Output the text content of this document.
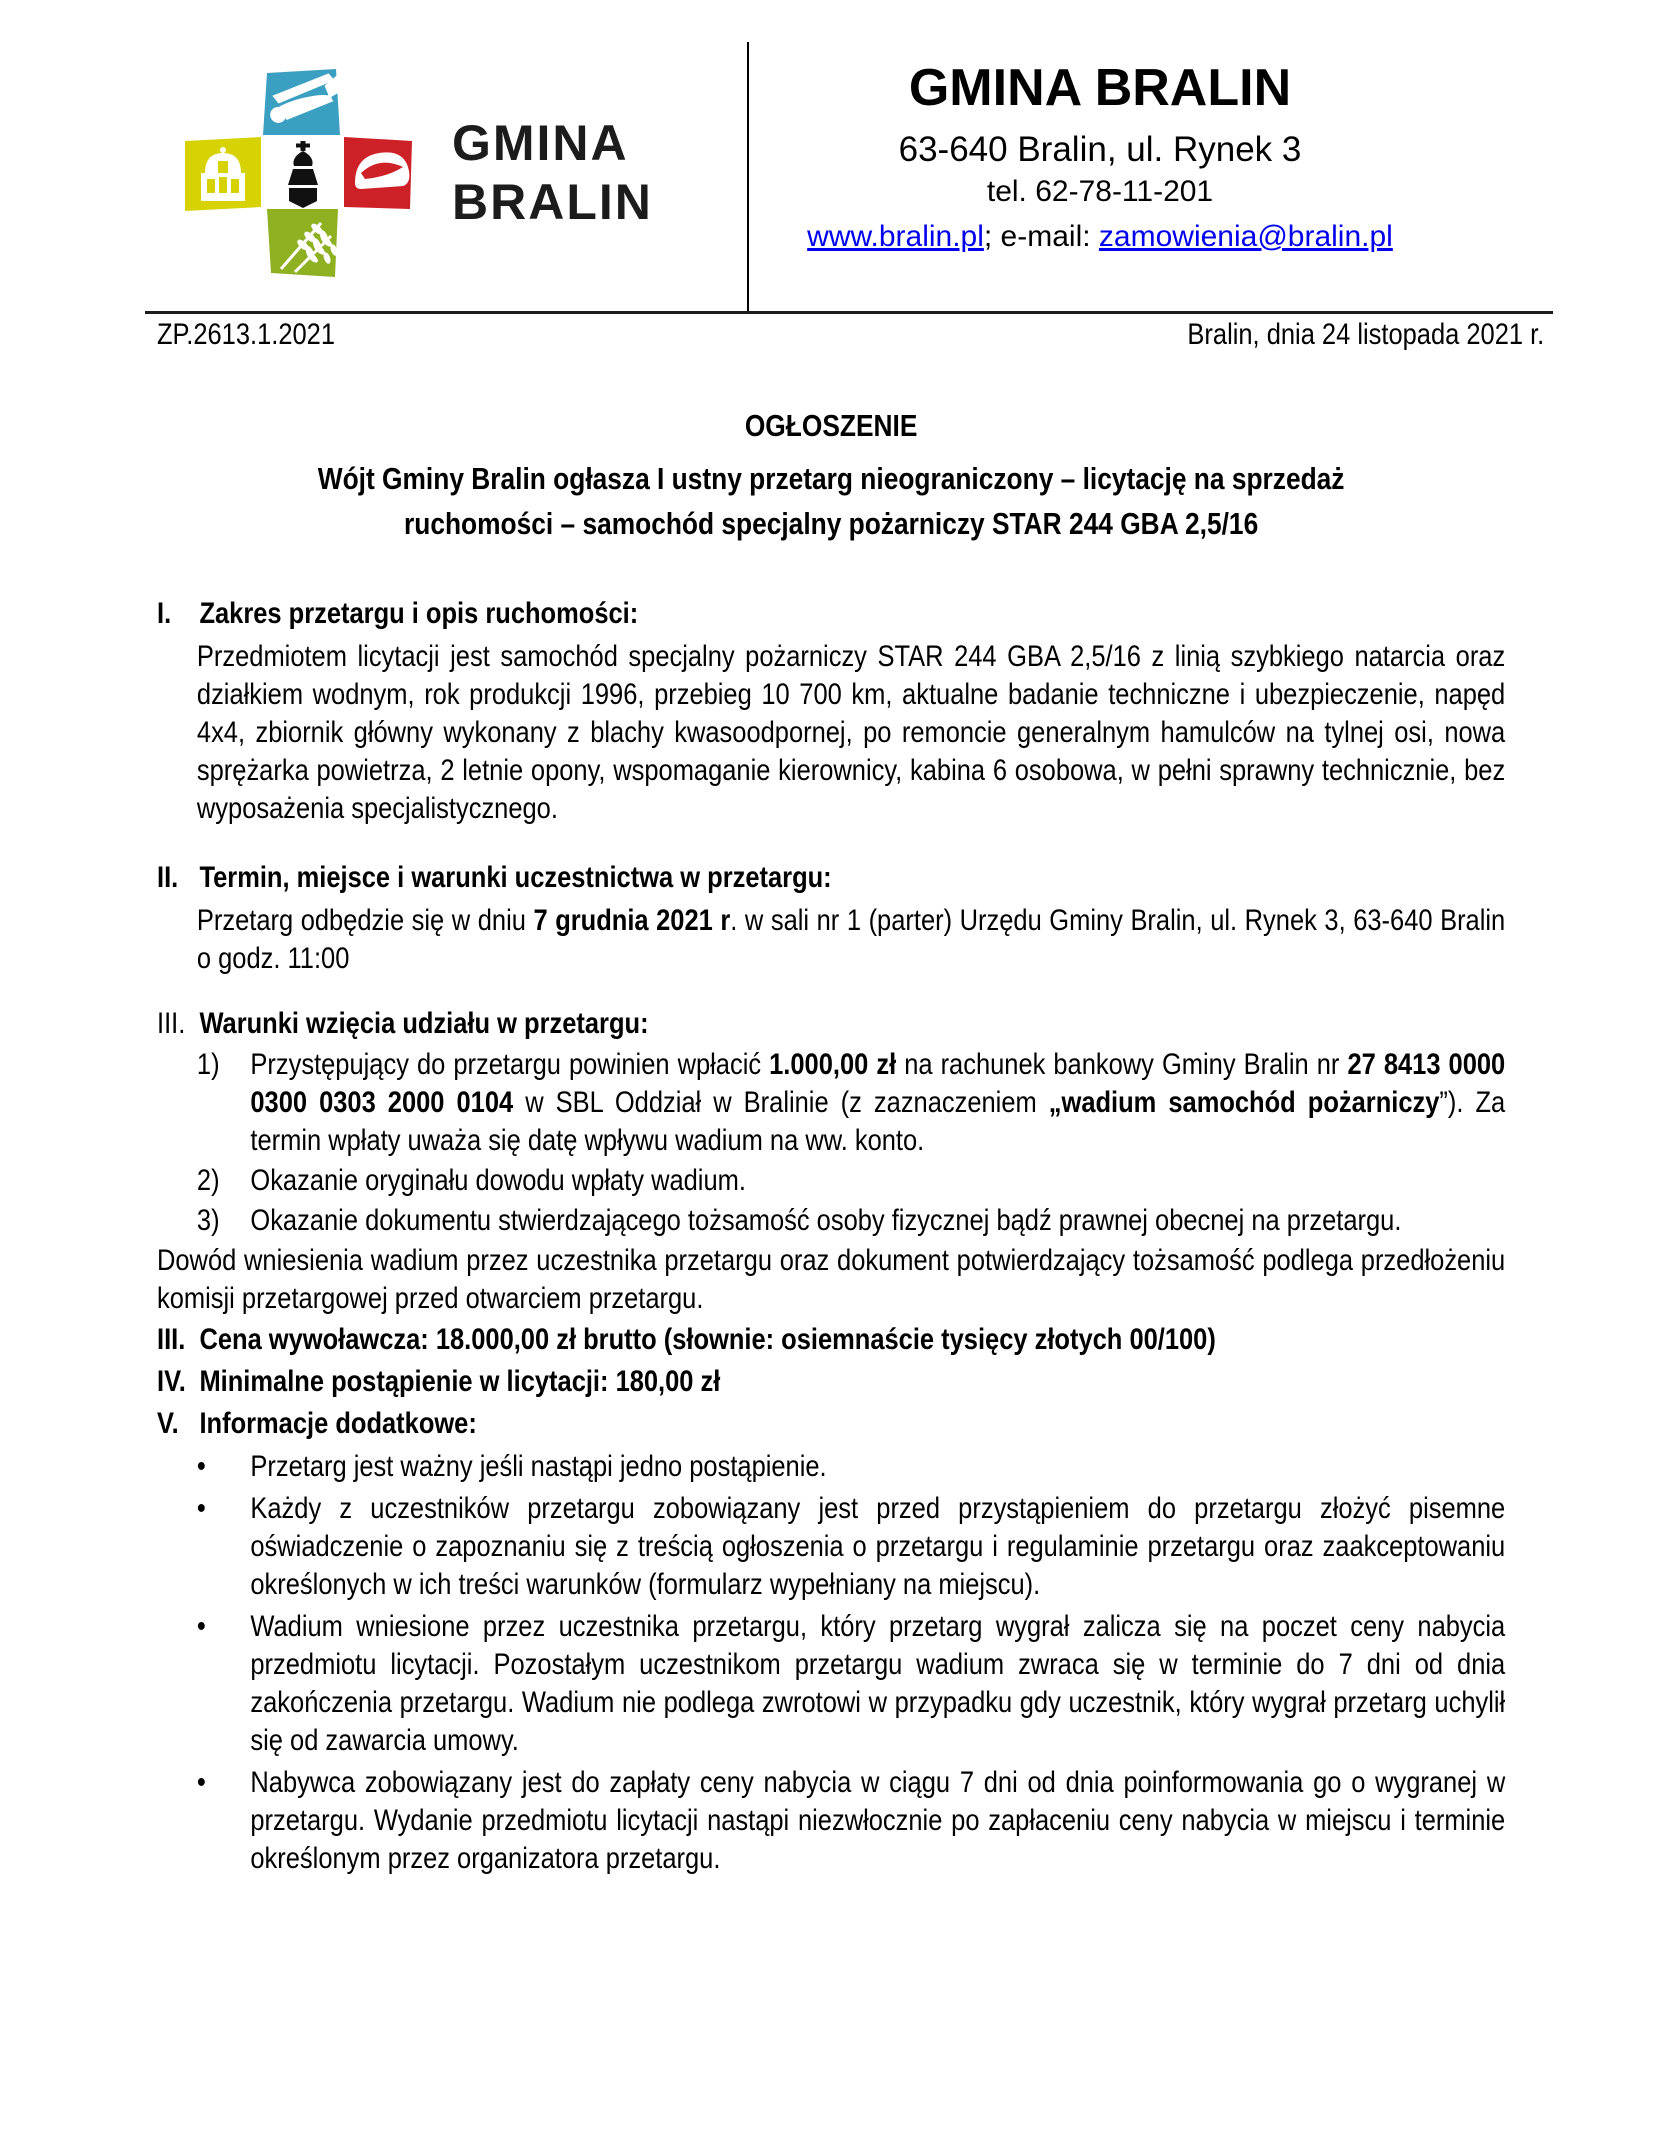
GMINA
BRALIN
GMINA BRALIN
63-640 Bralin, ul. Rynek 3
tel. 62-78-11-201
www.bralin.pl; e-mail: zamowienia@bralin.pl
ZP.2613.1.2021	Bralin, dnia 24 listopada 2021 r.
OGŁOSZENIE
Wójt Gminy Bralin ogłasza I ustny przetarg nieograniczony – licytację na sprzedaż
ruchomości – samochód specjalny pożarniczy STAR 244 GBA 2,5/16
I. Zakres przetargu i opis ruchomości:

Przedmiotem licytacji jest samochód specjalny pożarniczy STAR 244 GBA 2,5/16 z linią szybkiego natarcia oraz działkiem wodnym, rok produkcji 1996, przebieg 10 700 km, aktualne badanie techniczne i ubezpieczenie, napęd 4x4, zbiornik główny wykonany z blachy kwasoodpornej, po remoncie generalnym hamulców na tylnej osi, nowa sprężarka powietrza, 2 letnie opony, wspomaganie kierownicy, kabina 6 osobowa, w pełni sprawny technicznie, bez wyposażenia specjalistycznego.

II. Termin, miejsce i warunki uczestnictwa w przetargu:

Przetarg odbędzie się w dniu 7 grudnia 2021 r. w sali nr 1 (parter) Urzędu Gminy Bralin, ul. Rynek 3, 63-640 Bralin o godz. 11:00

III. Warunki wzięcia udziału w przetargu:
1)	Przystępujący do przetargu powinien wpłacić 1.000,00 zł na rachunek bankowy Gminy Bralin nr 27 8413 0000 0300 0303 2000 0104 w SBL Oddział w Bralinie (z zaznaczeniem „wadium samochód pożarniczy”). Za termin wpłaty uważa się datę wpływu wadium na ww. konto.
2)	Okazanie oryginału dowodu wpłaty wadium.
3)	Okazanie dokumentu stwierdzającego tożsamość osoby fizycznej bądź prawnej obecnej na przetargu.

Dowód wniesienia wadium przez uczestnika przetargu oraz dokument potwierdzający tożsamość podlega przedłożeniu komisji przetargowej przed otwarciem przetargu.

III. Cena wywoławcza: 18.000,00 zł brutto (słownie: osiemnaście tysięcy złotych 00/100)
IV. Minimalne postąpienie w licytacji: 180,00 zł
V. Informacje dodatkowe:
•	Przetarg jest ważny jeśli nastąpi jedno postąpienie.
•	Każdy z uczestników przetargu zobowiązany jest przed przystąpieniem do przetargu złożyć pisemne oświadczenie o zapoznaniu się z treścią ogłoszenia o przetargu i regulaminie przetargu oraz zaakceptowaniu określonych w ich treści warunków (formularz wypełniany na miejscu).
•	Wadium wniesione przez uczestnika przetargu, który przetarg wygrał zalicza się na poczet ceny nabycia przedmiotu licytacji. Pozostałym uczestnikom przetargu wadium zwraca się w terminie do 7 dni od dnia zakończenia przetargu. Wadium nie podlega zwrotowi w przypadku gdy uczestnik, który wygrał przetarg uchylił się od zawarcia umowy.
•	Nabywca zobowiązany jest do zapłaty ceny nabycia w ciągu 7 dni od dnia poinformowania go o wygranej w przetargu. Wydanie przedmiotu licytacji nastąpi niezwłocznie po zapłaceniu ceny nabycia w miejscu i terminie określonym przez organizatora przetargu.
